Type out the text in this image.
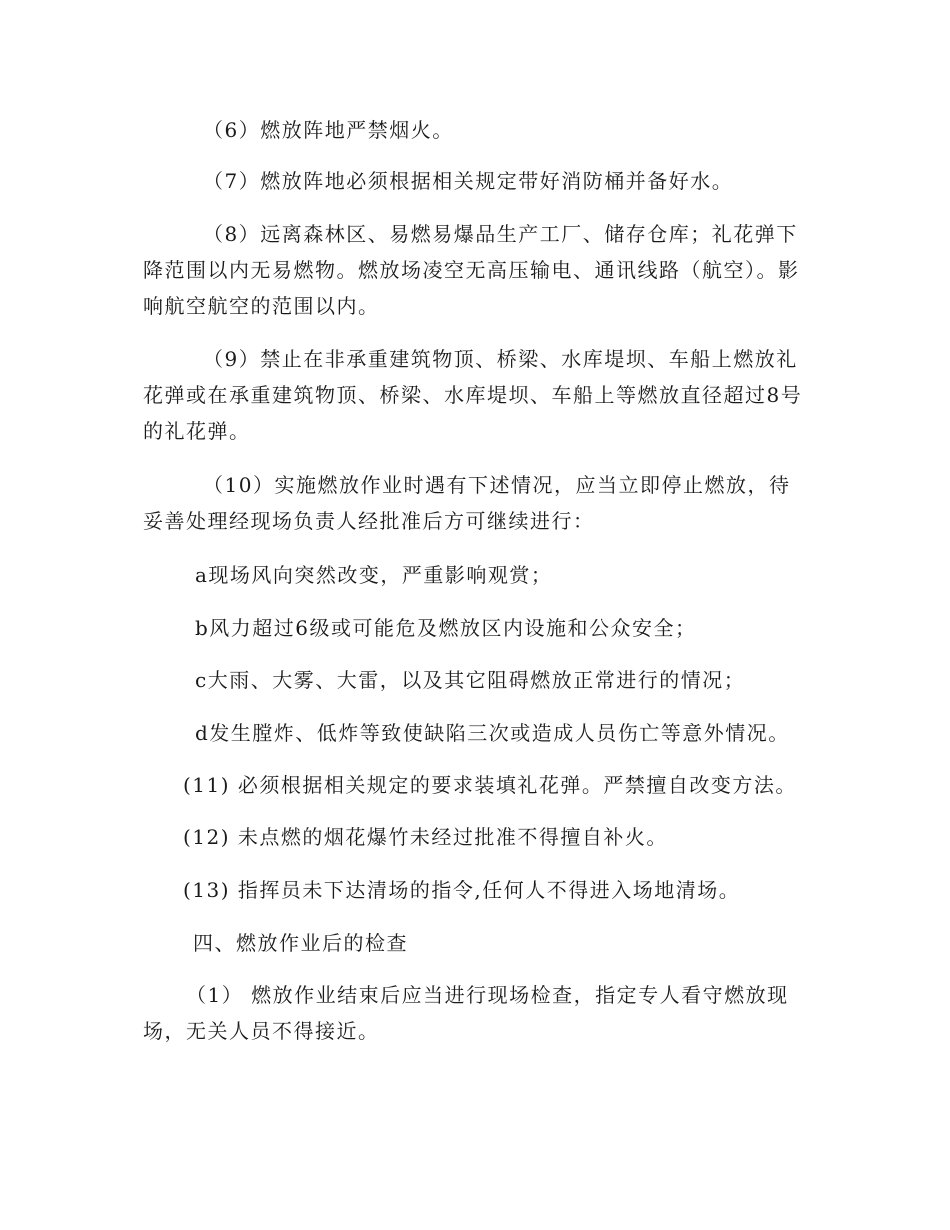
（6）燃放阵地严禁烟火。

（7）燃放阵地必须根据相关规定带好消防桶并备好水。

（8）远离森林区、易燃易爆品生产工厂、储存仓库；礼花弹下降范围以内无易燃物。燃放场凌空无高压输电、通讯线路（航空）。影响航空航空的范围以内。

（9）禁止在非承重建筑物顶、桥梁、水库堤坝、车船上燃放礼花弹或在承重建筑物顶、桥梁、水库堤坝、车船上等燃放直径超过8号的礼花弹。

（10）实施燃放作业时遇有下述情况，应当立即停止燃放，待妥善处理经现场负责人经批准后方可继续进行：

a现场风向突然改变，严重影响观赏；

b风力超过6级或可能危及燃放区内设施和公众安全；

c大雨、大雾、大雷，以及其它阻碍燃放正常进行的情况；

d发生膛炸、低炸等致使缺陷三次或造成人员伤亡等意外情况。

(11) 必须根据相关规定的要求装填礼花弹。严禁擅自改变方法。

(12) 未点燃的烟花爆竹未经过批准不得擅自补火。

(13) 指挥员未下达清场的指令,任何人不得进入场地清场。

四、燃放作业后的检查

（1） 燃放作业结束后应当进行现场检查，指定专人看守燃放现场，无关人员不得接近。
